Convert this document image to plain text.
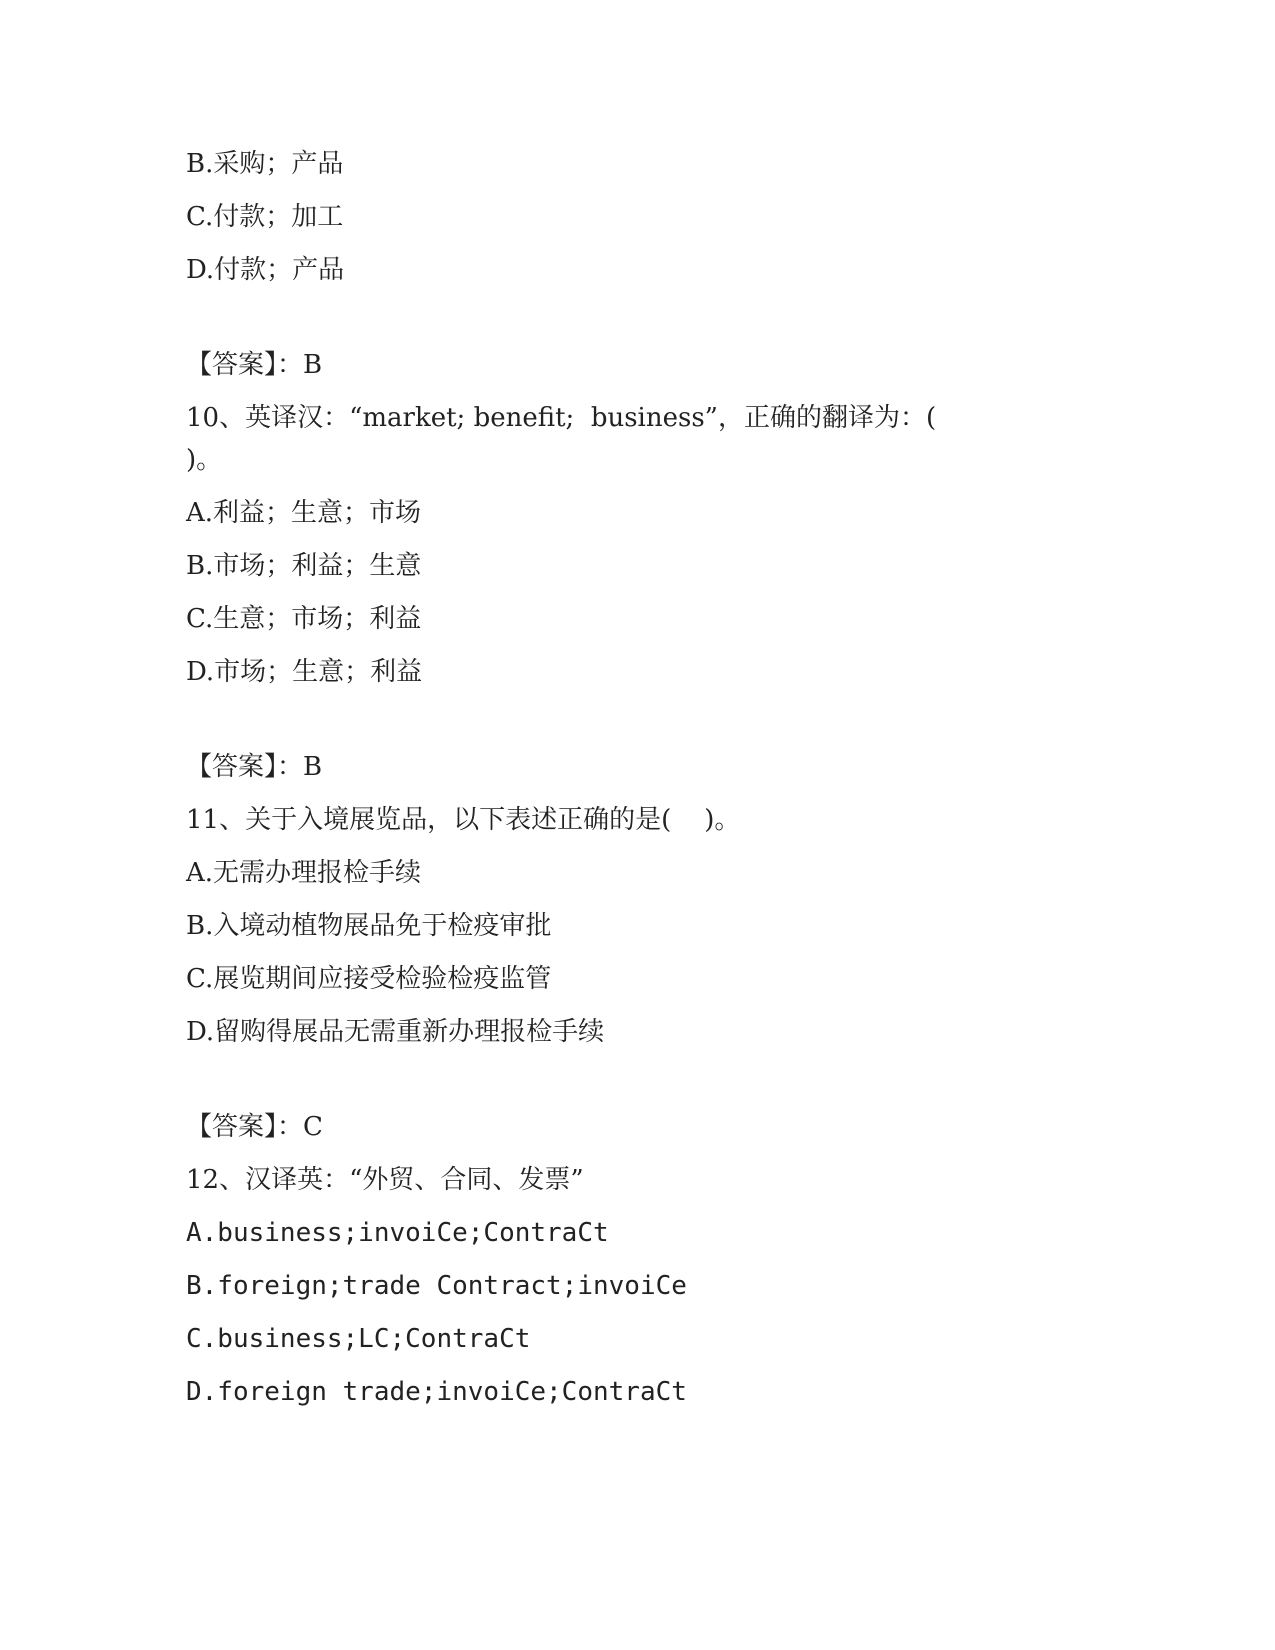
B.采购；产品
C.付款；加工
D.付款；产品
【答案】：B
10、英译汉：“market; benefit;  business”，正确的翻译为：(
)。
A.利益；生意；市场
B.市场；利益；生意
C.生意；市场；利益
D.市场；生意；利益
【答案】：B
11、关于入境展览品，以下表述正确的是(    )。
A.无需办理报检手续
B.入境动植物展品免于检疫审批
C.展览期间应接受检验检疫监管
D.留购得展品无需重新办理报检手续
【答案】：C
12、汉译英：“外贸、合同、发票”
A.business;invoiCe;ContraCt
B.foreign;trade Contract;invoiCe
C.business;LC;ContraCt
D.foreign trade;invoiCe;ContraCt
